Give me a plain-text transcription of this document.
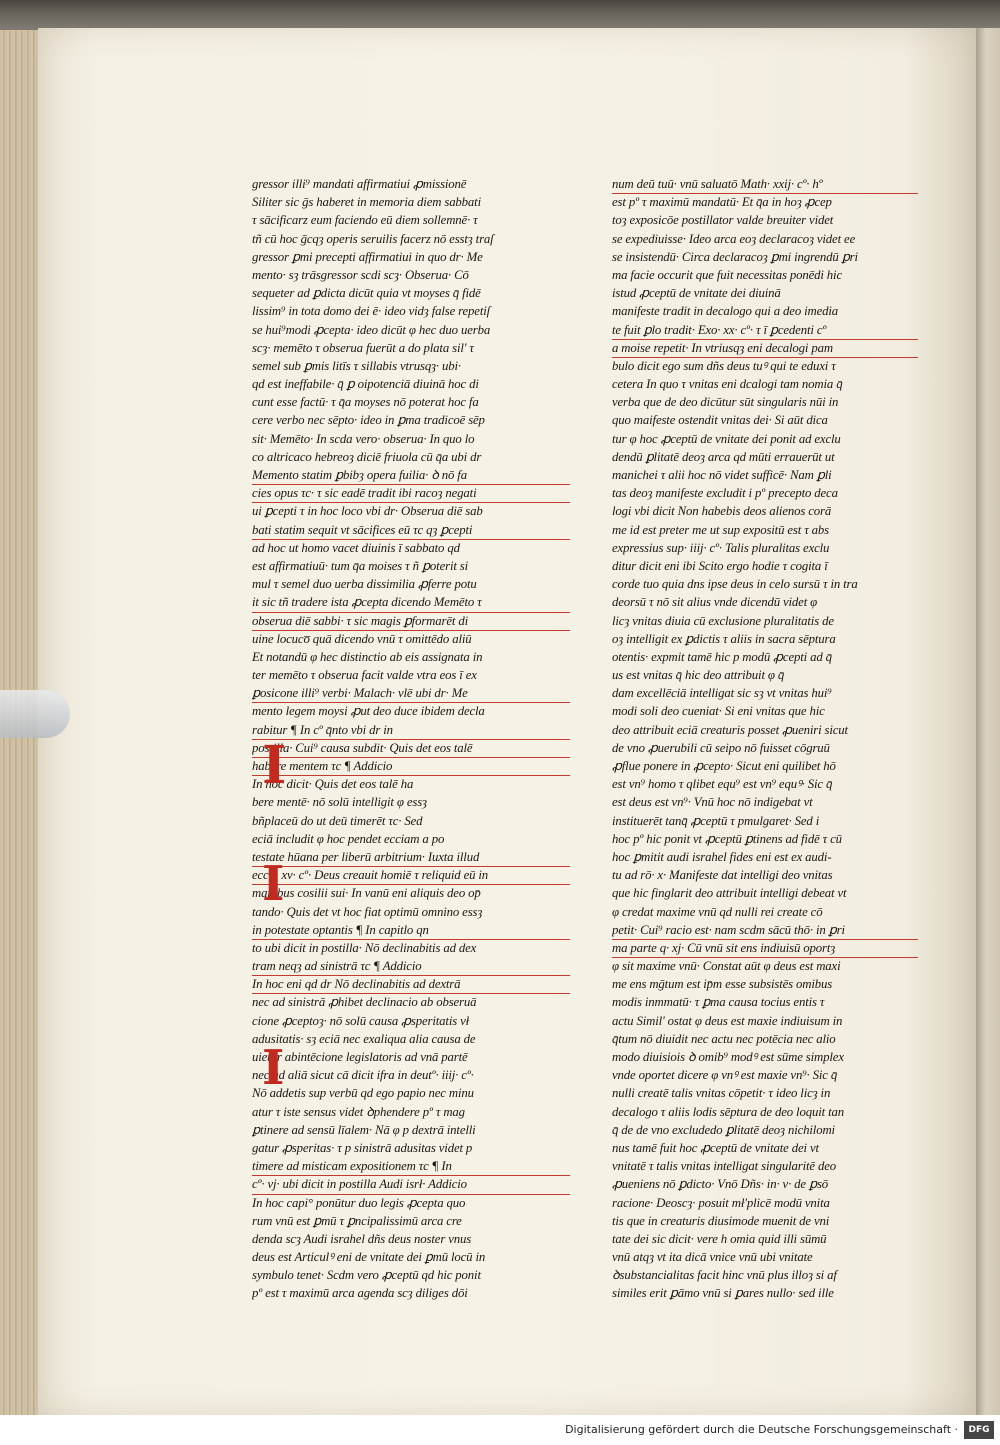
gressor illi⁹ mandati affirmatiui ꝓmissionē
Siliter sic ḡs haberet in memoria diem sabbati
τ sācificarz eum faciendo eū diem sollemnē· τ
tñ cū hoc ḡcqȝ operis seruilis facerz nō esstȝ traſ
gressor ꝑmi precepti affirmatiui in quo dr· Me
mento· sȝ trāsgressor scdi scȝ· Obserua· Cō
sequeter ad ꝑdicta dicūt quia vt moyses q̄ fidē
lissim⁹ in tota domo dei ē· ideo vidȝ false repetiſ
se hui⁹modi ꝓcepta· ideo dicūt φ hec duo uerba
scȝ· memēto τ obserua fuerūt a do plata sil' τ
semel sub ꝑmis litīs τ sillabis vtrusqȝ· ubi·
qd est ineffabile· q̄ ꝑ oipotenciā diuinā hoc di
cunt esse factū· τ q̄a moyses nō poterat hoc fa
cere verbo nec sēpto· ideo in ꝑma tradicoē sēp
sit· Memēto· In scda vero· obserua· In quo lo
co altricaco hebreoȝ diciē friuola cū q̄a ubi dr
Memento statim ꝑbibȝ opera fuilia· ꝺ nō fa
cies opus τc· τ sic eadē tradit ibi racoȝ negati
ui ꝑcepti τ in hoc loco vbi dr· Obserua diē sab
bati statim sequit vt sācifices eū τc qȝ ꝑcepti
ad hoc ut homo vacet diuinis ī sabbato qd
est affirmatiuū· tum q̄a moises τ ñ ꝑoterit si
mul τ semel duo uerba dissimilia ꝓferre potu
it sic tñ tradere ista ꝓcepta dicendo Memēto τ
obserua diē sabbi· τ sic magis ꝑformarēt di
uine locuco̅ quā dicendo vnū τ omittēdo aliū
Et notandū φ hec distinctio ab eis assignata in
ter memēto τ obserua facit valde vtra eos ī ex
ꝑosicone illi⁹ verbi· Malach· vlē ubi dr· Me
mento legem moysi ꝓut deo duce ibidem decla
rabitur ¶ In cº q̄nto vbi dr in
postilla· Cui⁹ causa subdit· Quis det eos talē
habere mentem τc ¶ Addicio
In hoc dicit· Quis det eos talē ha
bere mentē· nō solū intelligit φ essȝ
bñplaceū do ut deū timerēt τc· Sed
eciā includit φ hoc pendet ecciam a po
testate hūana per liberū arbitrium· Iuxta illud
eccti· xv· cº· Deus creauit homiē τ reliquid eū in
manibus cosilii sui· In vanū eni aliquis deo op̄
tando· Quis det vt hoc fiat optimū omnino essȝ
in potestate optantis ¶ In capitlo qn
to ubi dicit in postilla· Nō declinabitis ad dex
tram neqȝ ad sinistrā τc ¶ Addicio
In hoc eni qd dr Nō declinabitis ad dextrā
nec ad sinistrā ꝓhibet declinacio ab obseruā
cione ꝓceptoȝ· nō solū causa ꝓsperitatis vł
adusitatis· sȝ eciā nec exaliqua alia causa de
uietur abintēcione legislatoris ad vnā partē
nec ad aliā sicut cā dicit ifra in deutº· iiij· cº·
Nō addetis sup verbū qd ego papio nec minu
atur τ iste sensus videt ꝺphendere pº τ mag
ꝑtinere ad sensū līalem· Nā φ p dextrā intelli
gatur ꝓsperitas· τ p sinistrā adusitas videt p
timere ad misticam expositionem τc ¶ In
cº· vj· ubi dicit in postilla Audi isrł· Addicio
In hoc capi° ponūtur duo legis ꝓcepta quo
rum vnū est ꝑmū τ ꝑncipalissimū arca cre
denda scȝ Audi israhel dñs deus noster vnus
deus est Articulꝰ eni de vnitate dei ꝑmū locū in
symbulo tenet· Scdm vero ꝓceptū qd hic ponit
pº est τ maximū arca agenda scȝ diliges dōi
num deū tuū· vnū saluatō Math· xxij· cº· hº
est pº τ maximū mandatū· Et q̄a in hoȝ ꝓcep
toȝ exposicōe postillator valde breuiter videt
se expediuisse· Ideo arca eoȝ declaracoȝ videt ee
se insistendū· Circa declaracoȝ ꝑmi ingrendū ꝑri
ma facie occurit que fuit necessitas ponēdi hic
istud ꝓceptū de vnitate dei diuinā
manifeste tradit in decalogo qui a deo imedia
te fuit ꝑlo tradit· Exo· xx· cº· τ ī ꝑcedenti cº
a moise repetit· In vtriusqȝ eni decalogi pam
bulo dicit ego sum dñs deus tuꝰ qui te eduxi τ
cetera In quo τ vnitas eni dcalogi tam nomia q̄
verba que de deo dicūtur sūt singularis nūi in
quo maifeste ostendit vnitas dei· Si aūt dica
tur φ hoc ꝓceptū de vnitate dei ponit ad exclu
dendū ꝑlitatē deoȝ arca qd mūti errauerūt ut
manichei τ alii hoc nō videt sufficē· Nam ꝑli
tas deoȝ manifeste excludit i pº precepto deca
logi vbi dicit Non habebis deos alienos corā
me id est preter me ut sup expositū est τ abs
expressius sup· iiij· cº· Talis pluralitas exclu
ditur dicit eni ibi Scito ergo hodie τ cogita ī
corde tuo quia dns ipse deus in celo sursū τ in tra
deorsū τ nō sit alius vnde dicendū videt φ
licȝ vnitas diuia cū exclusione pluralitatis de
oȝ intelligit ex ꝑdictis τ aliis in sacra sēptura
otentis· expmit tamē hic p modū ꝓcepti ad q̄
us est vnitas q̄ hic deo attribuit φ q̄
dam excellēciā intelligat sic sȝ vt vnitas hui⁹
modi soli deo cueniat· Si eni vnitas que hic
deo attribuit eciā creaturis posset ꝓueniri sicut
de vno ꝓuerubili cū seipo nō fuisset cōgruū
ꝓflue ponere in ꝓcepto· Sicut eni quilibet hō
est vn⁹ homo τ qlibet equ⁹ est vn⁹ equꝰ· Sic q̄
est deus est vn⁹· Vnū hoc nō indigebat vt
instituerēt tanq̄ ꝓceptū τ pmulgaret· Sed i
hoc pº hic ponit vt ꝓceptū ꝑtinens ad fidē τ cū
hoc ꝑmitit audi israhel fides eni est ex audi-
tu ad rō· x· Manifeste dat intelligi deo vnitas
que hic finglarit deo attribuit intelligi debeat vt
φ credat maxime vnū qd nulli rei create cō
petit· Cui⁹ racio est· nam scdm sācū thō· in ꝑri
ma parte q· xj· Cū vnū sit ens indiuisū oportȝ
φ sit maxime vnū· Constat aūt φ deus est maxi
me ens mḡtum est ip̄m esse subsistēs omibus
modis inmmatū· τ ꝑma causa tocius entis τ
actu Simil' ostat φ deus est maxie indiuisum in
q̄tum nō diuidit nec actu nec potēcia nec alio
modo diuisiois ꝺ omib⁹ modꝰ est sūme simplex
vnde oportet dicere φ vnꝰ est maxie vn⁹· Sic q̄
nulli creatē talis vnitas cōpetit· τ ideo licȝ in
decalogo τ aliis lodis sēptura de deo loquit tan
q̄ de de vno excludedo ꝑlitatē deoȝ nichilomi
nus tamē fuit hoc ꝓceptū de vnitate dei vt
vnitatē τ talis vnitas intelligat singularitē deo
ꝓueniens nō ꝑdicto· Vnō Dñs· in· v· de ꝑsō
racione· Deoscȝ· posuit mł'plicē modū vnita
tis que in creaturis diusimode muenit de vni
tate dei sic dicit· vere h omia quid illi sūmū
vnū atqȝ vt ita dicā vnice vnū ubi vnitate
ꝺsubstancialitas facit hinc vnū plus illoȝ si af
similes erit ꝑāmo vnū si ꝑares nullo· sed ille
I
I
I
Digitalisierung gefördert durch die Deutsche Forschungsgemeinschaft ·	DFG
